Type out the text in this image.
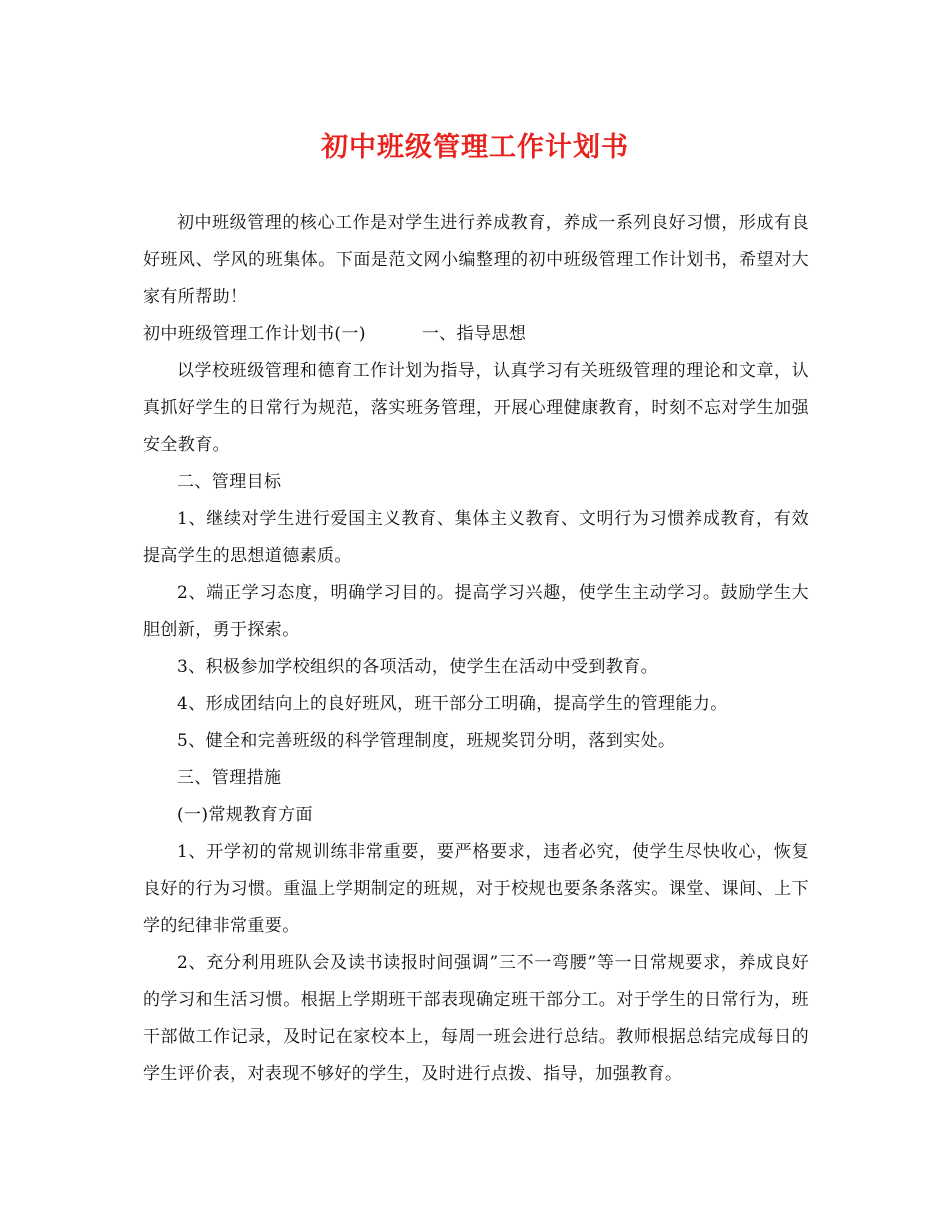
初中班级管理工作计划书

初中班级管理的核心工作是对学生进行养成教育，养成一系列良好习惯，形成有良好班风、学风的班集体。下面是范文网小编整理的初中班级管理工作计划书，希望对大家有所帮助！

初中班级管理工作计划书(一)	一、指导思想

以学校班级管理和德育工作计划为指导，认真学习有关班级管理的理论和文章，认真抓好学生的日常行为规范，落实班务管理，开展心理健康教育，时刻不忘对学生加强安全教育。

二、管理目标

1、继续对学生进行爱国主义教育、集体主义教育、文明行为习惯养成教育，有效提高学生的思想道德素质。

2、端正学习态度，明确学习目的。提高学习兴趣，使学生主动学习。鼓励学生大胆创新，勇于探索。

3、积极参加学校组织的各项活动，使学生在活动中受到教育。

4、形成团结向上的良好班风，班干部分工明确，提高学生的管理能力。

5、健全和完善班级的科学管理制度，班规奖罚分明，落到实处。

三、管理措施

(一)常规教育方面

1、开学初的常规训练非常重要，要严格要求，违者必究，使学生尽快收心，恢复良好的行为习惯。重温上学期制定的班规，对于校规也要条条落实。课堂、课间、上下学的纪律非常重要。

2、充分利用班队会及读书读报时间强调”三不一弯腰”等一日常规要求，养成良好的学习和生活习惯。根据上学期班干部表现确定班干部分工。对于学生的日常行为，班干部做工作记录，及时记在家校本上，每周一班会进行总结。教师根据总结完成每日的学生评价表，对表现不够好的学生，及时进行点拨、指导，加强教育。
